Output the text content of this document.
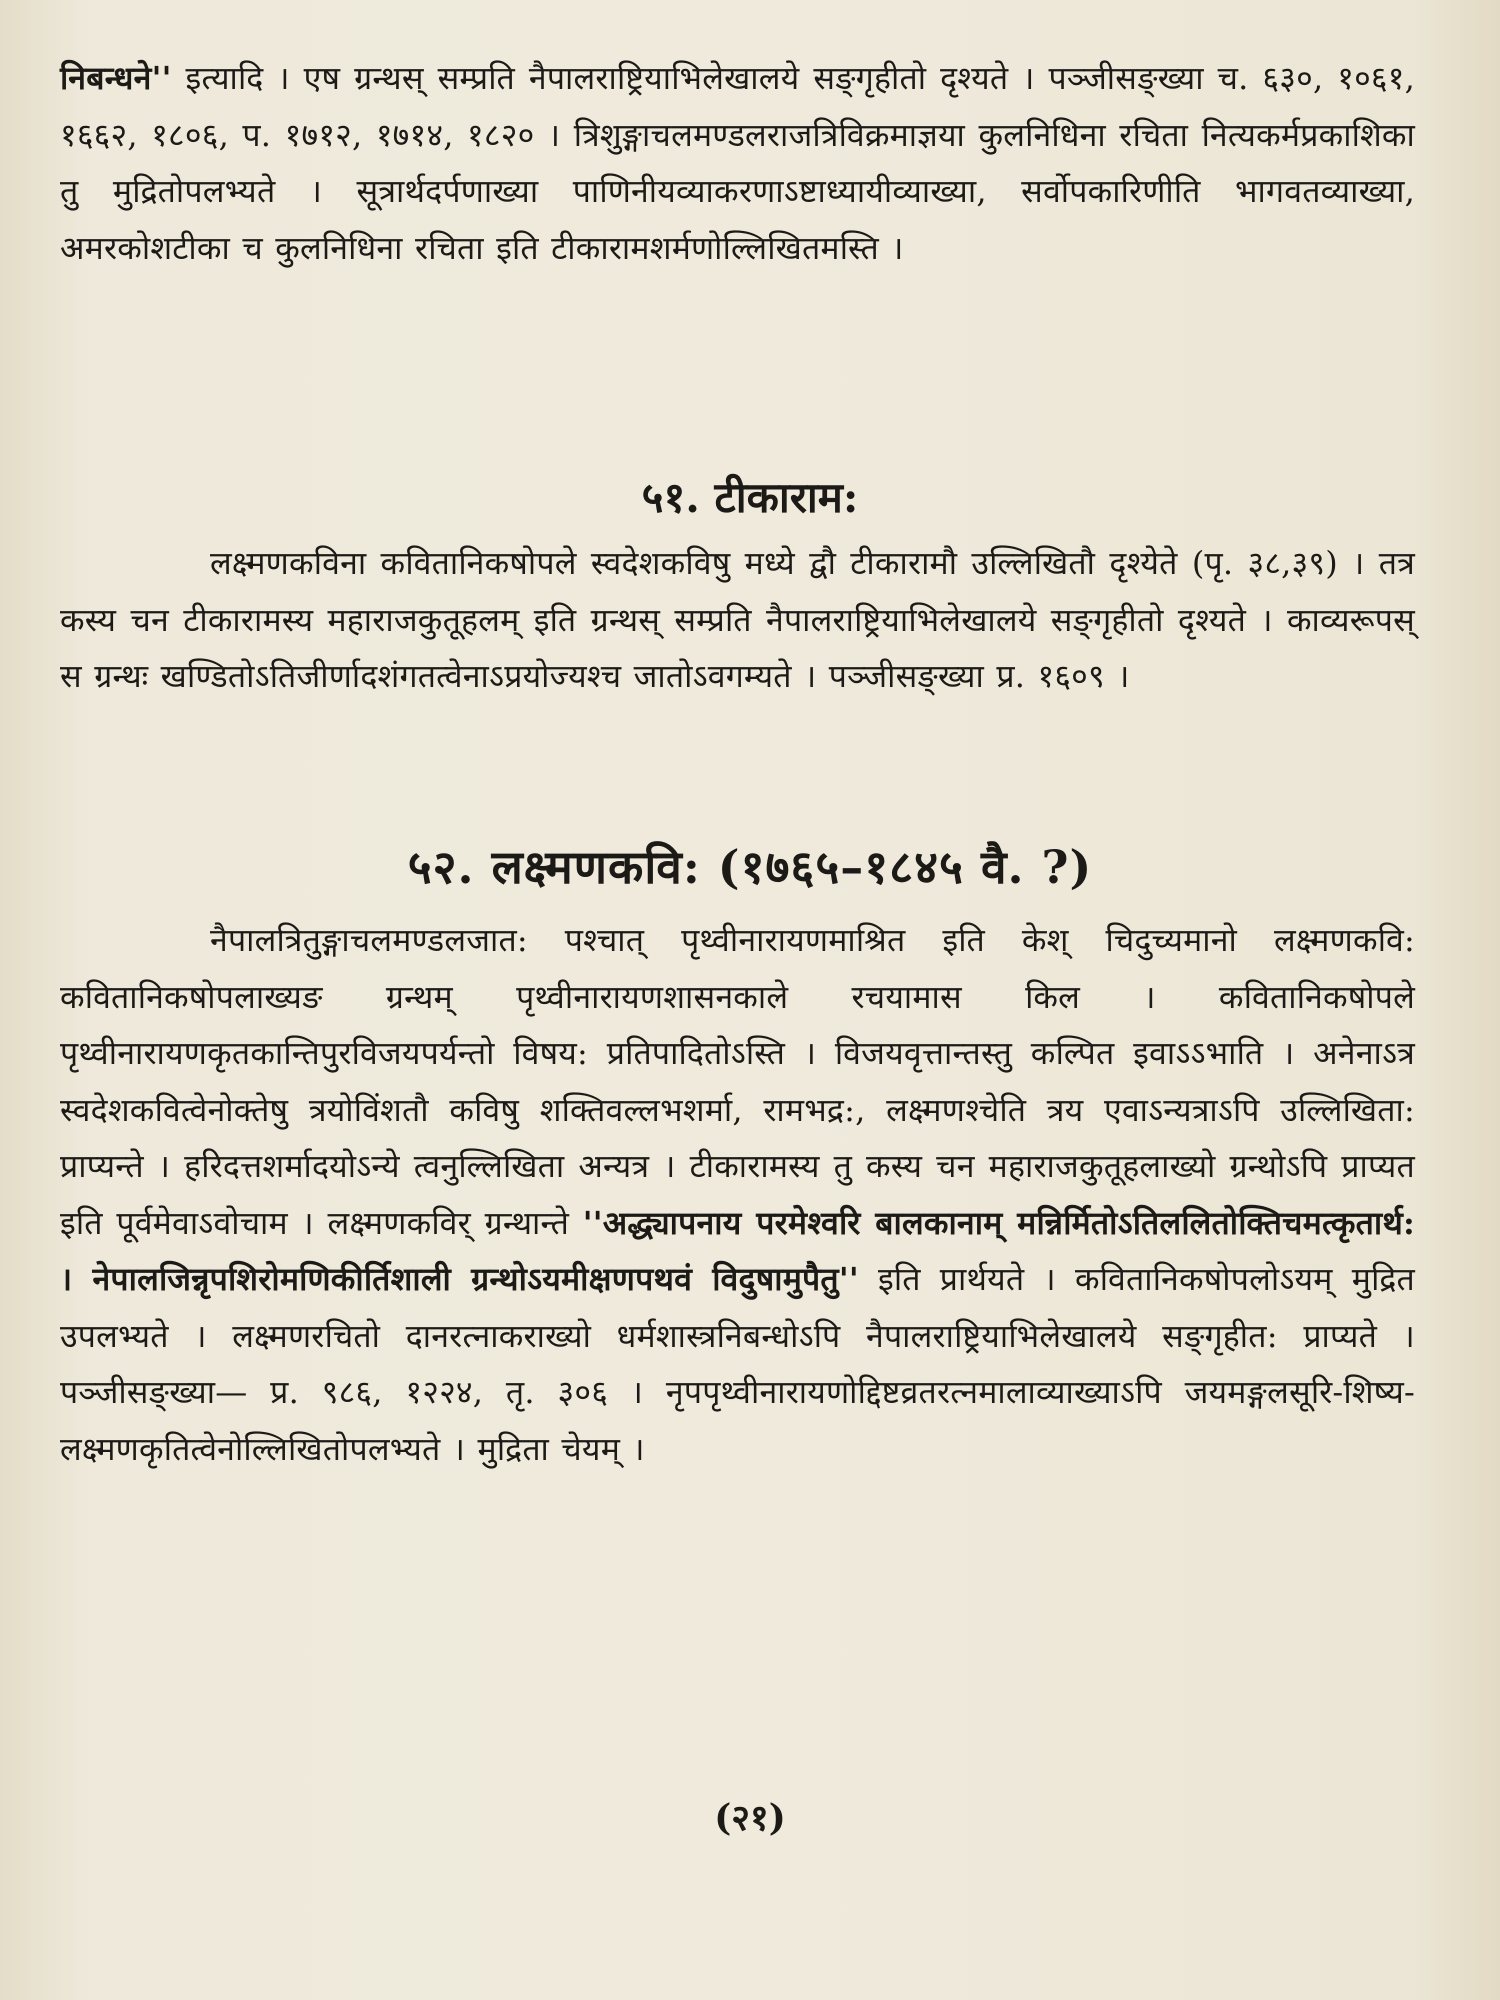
निबन्धने'' इत्यादि । एष ग्रन्थस् सम्प्रति नैपालराष्ट्रियाभिलेखालये सङ्गृहीतो दृश्यते । पञ्जीसङ्ख्या च. ६३०, १०६१, १६६२, १८०६, प. १७१२, १७१४, १८२० । त्रिशुङ्गाचलमण्डलराजत्रिविक्रमाज्ञया कुलनिधिना रचिता नित्यकर्मप्रकाशिका तु मुद्रितोपलभ्यते । सूत्रार्थदर्पणाख्या पाणिनीयव्याकरणाऽष्टाध्यायीव्याख्या, सर्वोपकारिणीति भागवतव्याख्या, अमरकोशटीका च कुलनिधिना रचिता इति टीकारामशर्मणोल्लिखितमस्ति ।

५१. टीकाराम:

लक्ष्मणकविना कवितानिकषोपले स्वदेशकविषु मध्ये द्वौ टीकारामौ उल्लिखितौ दृश्येते (पृ. ३८,३९) । तत्र कस्य चन टीकारामस्य महाराजकुतूहलम् इति ग्रन्थस् सम्प्रति नैपालराष्ट्रियाभिलेखालये सङ्गृहीतो दृश्यते । काव्यरूपस् स ग्रन्थः खण्डितोऽतिजीर्णादशंगतत्वेनाऽप्रयोज्यश्च जातोऽवगम्यते । पञ्जीसङ्ख्या प्र. १६०९ ।

५२. लक्ष्मणकवि: (१७६५–१८४५ वै. ?)

नैपालत्रितुङ्गाचलमण्डलजात: पश्चात् पृथ्वीनारायणमाश्रित इति केश् चिदुच्यमानो लक्ष्मणकवि: कवितानिकषोपलाख्यङ ग्रन्थम् पृथ्वीनारायणशासनकाले रचयामास किल । कवितानिकषोपले पृथ्वीनारायणकृतकान्तिपुरविजयपर्यन्तो विषय: प्रतिपादितोऽस्ति । विजयवृत्तान्तस्तु कल्पित इवाऽऽभाति । अनेनाऽत्र स्वदेशकवित्वेनोक्तेषु त्रयोविंशतौ कविषु शक्तिवल्लभशर्मा, रामभद्र:, लक्ष्मणश्चेति त्रय एवाऽन्यत्राऽपि उल्लिखिता: प्राप्यन्ते । हरिदत्तशर्मादयोऽन्ये त्वनुल्लिखिता अन्यत्र । टीकारामस्य तु कस्य चन महाराजकुतूहलाख्यो ग्रन्थोऽपि प्राप्यत इति पूर्वमेवाऽवोचाम । लक्ष्मणकविर् ग्रन्थान्ते ''अद्ध्यापनाय परमेश्वरि बालकानाम् मन्निर्मितोऽतिललितोक्तिचमत्कृतार्थ: । नेपालजिन्नृपशिरोमणिकीर्तिशाली ग्रन्थोऽयमीक्षणपथवं विदुषामुपैतु'' इति प्रार्थयते । कवितानिकषोपलोऽयम् मुद्रित उपलभ्यते । लक्ष्मणरचितो दानरत्नाकराख्यो धर्मशास्त्रनिबन्धोऽपि नैपालराष्ट्रियाभिलेखालये सङ्गृहीत: प्राप्यते । पञ्जीसङ्ख्या— प्र. ९८६, १२२४, तृ. ३०६ । नृपपृथ्वीनारायणोद्दिष्टव्रतरत्नमालाव्याख्याऽपि जयमङ्गलसूरि-शिष्य-लक्ष्मणकृतित्वेनोल्लिखितोपलभ्यते । मुद्रिता चेयम् ।

(२१)
